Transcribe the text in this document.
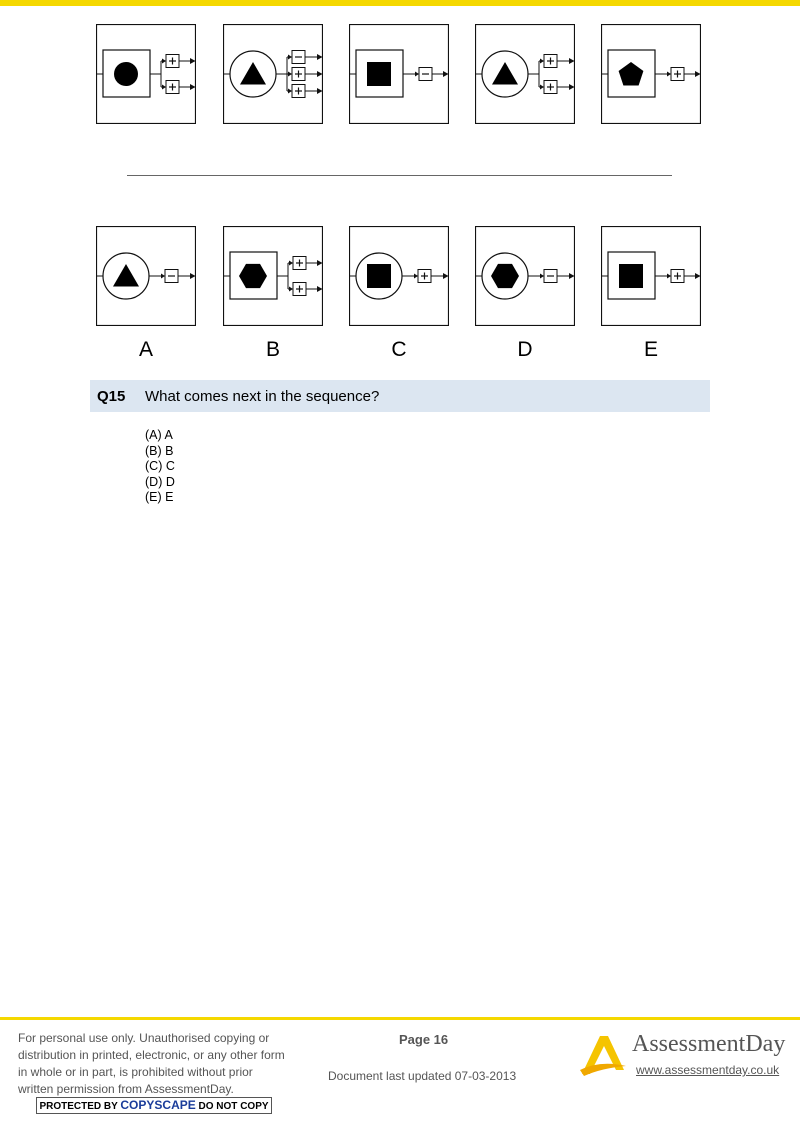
A	B	C	D	E
Q15 What comes next in the sequence?
(A) A
(B) B
(C) C
(D) D
(E) E
For personal use only. Unauthorised copying or distribution in printed, electronic, or any other form in whole or in part, is prohibited without prior written permission from AssessmentDay.
PROTECTED BY COPYSCAPE DO NOT COPY
Page 16
Document last updated 07-03-2013
AssessmentDay
www.assessmentday.co.uk
